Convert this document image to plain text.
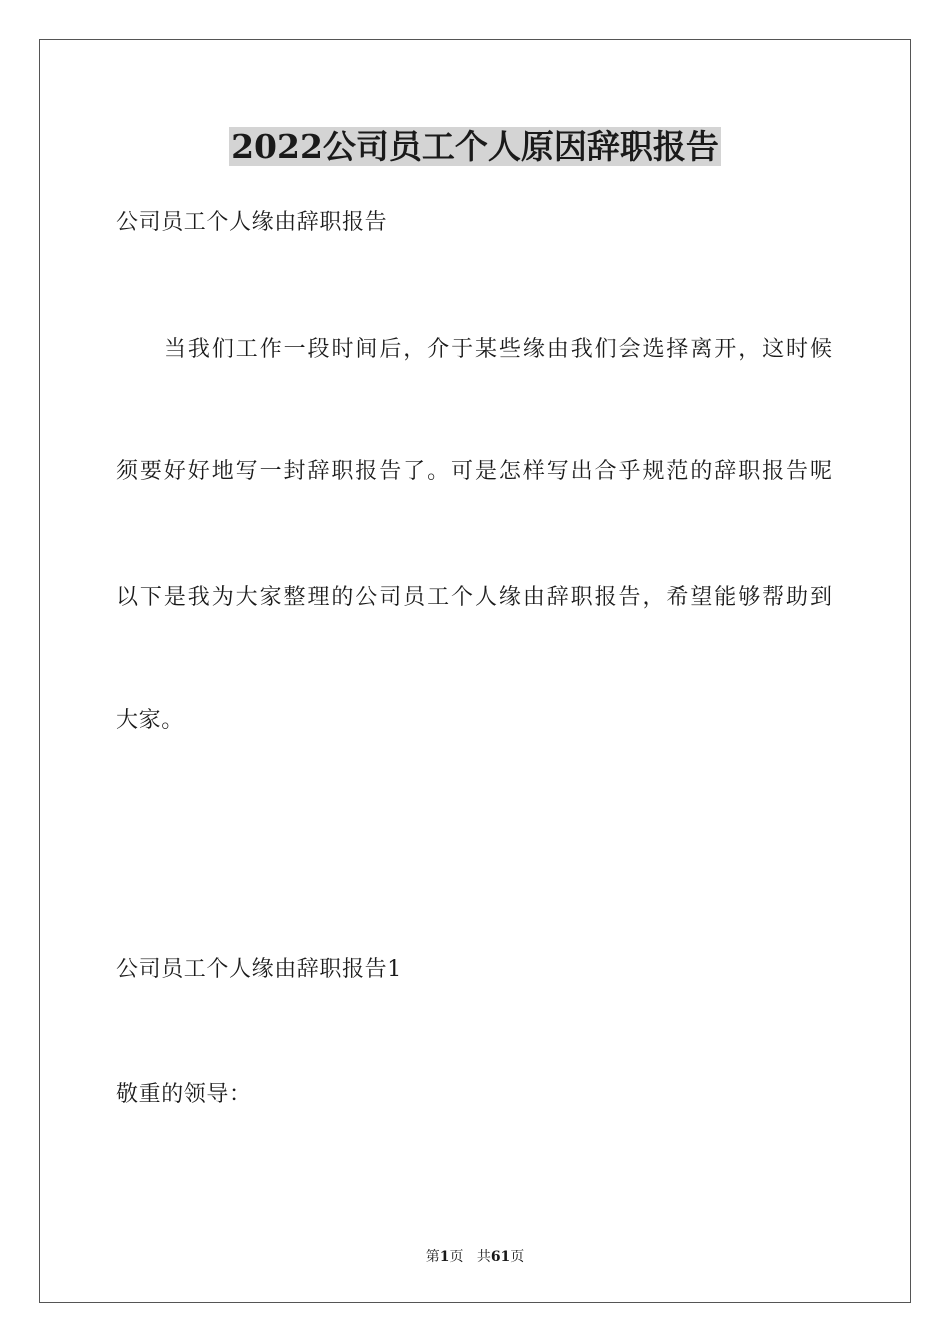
2022公司员工个人原因辞职报告
公司员工个人缘由辞职报告
当我们工作一段时间后，介于某些缘由我们会选择离开，这时候
须要好好地写一封辞职报告了。可是怎样写出合乎规范的辞职报告呢
以下是我为大家整理的公司员工个人缘由辞职报告，希望能够帮助到
大家。
公司员工个人缘由辞职报告1
敬重的领导：
第1页 共61页
